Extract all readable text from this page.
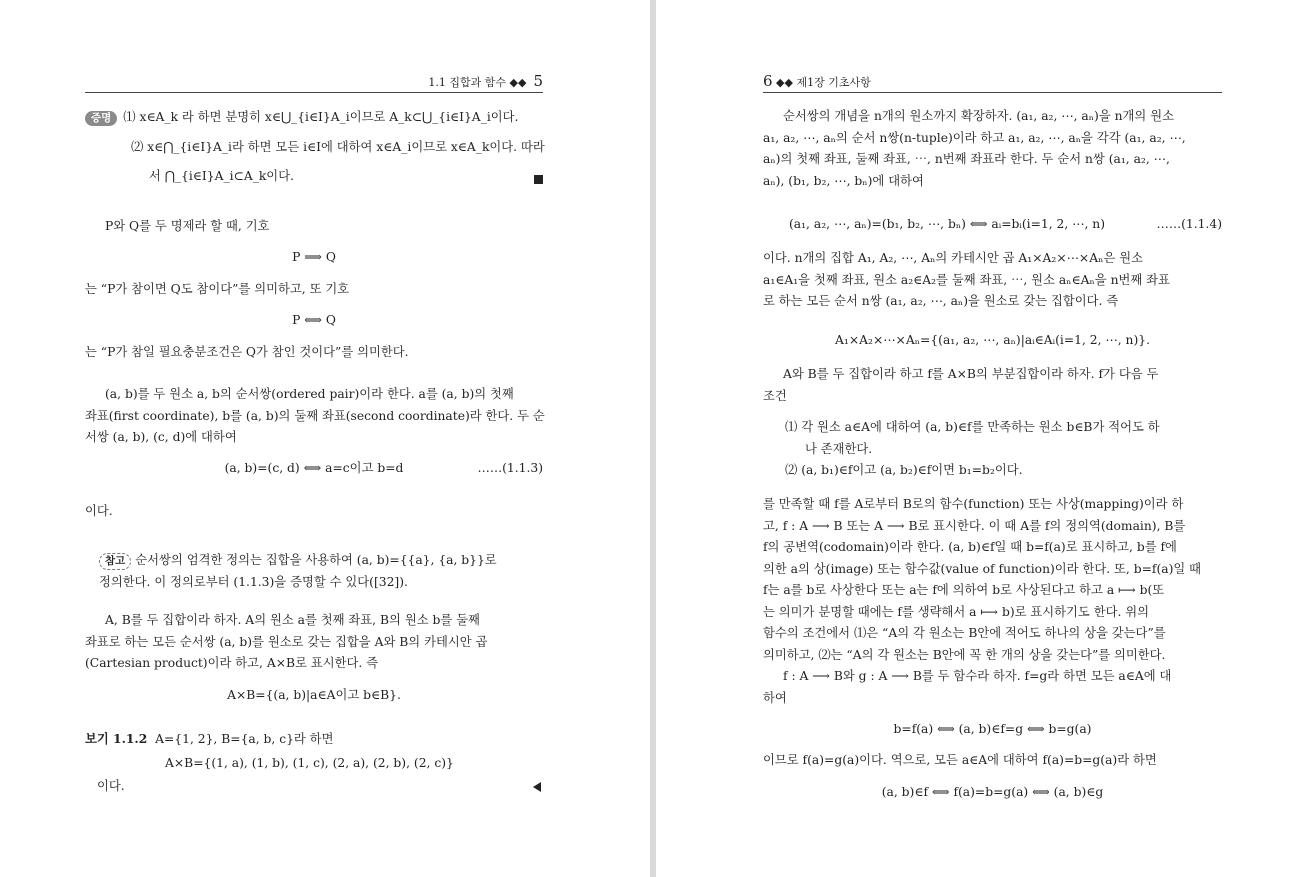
1.1 집합과 함수 ◆◆ 5
증명 ⑴ x∈A_k 라 하면 분명히 x∈⋃_{i∈I}A_i이므로 A_k⊂⋃_{i∈I}A_i이다.
⑵ x∈⋂_{i∈I}A_i라 하면 모든 i∈I에 대하여 x∈A_i이므로 x∈A_k이다. 따라
서 ⋂_{i∈I}A_i⊂A_k이다.
P와 Q를 두 명제라 할 때, 기호
P ⟹ Q
는 “P가 참이면 Q도 참이다”를 의미하고, 또 기호
P ⟺ Q
는 “P가 참일 필요충분조건은 Q가 참인 것이다”를 의미한다.
(a, b)를 두 원소 a, b의 순서쌍(ordered pair)이라 한다. a를 (a, b)의 첫째
좌표(first coordinate), b를 (a, b)의 둘째 좌표(second coordinate)라 한다. 두 순
서쌍 (a, b), (c, d)에 대하여
(a, b)=(c, d) ⟺ a=c이고 b=d	……(1.1.3)
이다.
참고 순서쌍의 엄격한 정의는 집합을 사용하여 (a, b)={{a}, {a, b}}로
정의한다. 이 정의로부터 (1.1.3)을 증명할 수 있다([32]).
A, B를 두 집합이라 하자. A의 원소 a를 첫째 좌표, B의 원소 b를 둘째
좌표로 하는 모든 순서쌍 (a, b)를 원소로 갖는 집합을 A와 B의 카테시안 곱
(Cartesian product)이라 하고, A×B로 표시한다. 즉
A×B={(a, b)|a∈A이고 b∈B}.
보기 1.1.2 A={1, 2}, B={a, b, c}라 하면
A×B={(1, a), (1, b), (1, c), (2, a), (2, b), (2, c)}
이다.
6 ◆◆ 제1장 기초사항
순서쌍의 개념을 n개의 원소까지 확장하자. (a₁, a₂, ⋯, aₙ)을 n개의 원소
a₁, a₂, ⋯, aₙ의 순서 n쌍(n-tuple)이라 하고 a₁, a₂, ⋯, aₙ을 각각 (a₁, a₂, ⋯,
aₙ)의 첫째 좌표, 둘째 좌표, ⋯, n번째 좌표라 한다. 두 순서 n쌍 (a₁, a₂, ⋯,
aₙ), (b₁, b₂, ⋯, bₙ)에 대하여
(a₁, a₂, ⋯, aₙ)=(b₁, b₂, ⋯, bₙ) ⟺ aᵢ=bᵢ(i=1, 2, ⋯, n)	……(1.1.4)
이다. n개의 집합 A₁, A₂, ⋯, Aₙ의 카테시안 곱 A₁×A₂×⋯×Aₙ은 원소
a₁∈A₁을 첫째 좌표, 원소 a₂∈A₂를 둘째 좌표, ⋯, 원소 aₙ∈Aₙ을 n번째 좌표
로 하는 모든 순서 n쌍 (a₁, a₂, ⋯, aₙ)을 원소로 갖는 집합이다. 즉
A₁×A₂×⋯×Aₙ={(a₁, a₂, ⋯, aₙ)|aᵢ∈Aᵢ(i=1, 2, ⋯, n)}.
A와 B를 두 집합이라 하고 f를 A×B의 부분집합이라 하자. f가 다음 두
조건
⑴ 각 원소 a∈A에 대하여 (a, b)∈f를 만족하는 원소 b∈B가 적어도 하
나 존재한다.
⑵ (a, b₁)∈f이고 (a, b₂)∈f이면 b₁=b₂이다.
를 만족할 때 f를 A로부터 B로의 함수(function) 또는 사상(mapping)이라 하
고, f : A ⟶ B 또는 A ⟶ B로 표시한다. 이 때 A를 f의 정의역(domain), B를
f의 공변역(codomain)이라 한다. (a, b)∈f일 때 b=f(a)로 표시하고, b를 f에
의한 a의 상(image) 또는 함수값(value of function)이라 한다. 또, b=f(a)일 때
f는 a를 b로 사상한다 또는 a는 f에 의하여 b로 사상된다고 하고 a ⟼ b(또
는 의미가 분명할 때에는 f를 생략해서 a ⟼ b)로 표시하기도 한다. 위의
함수의 조건에서 ⑴은 “A의 각 원소는 B안에 적어도 하나의 상을 갖는다”를
의미하고, ⑵는 “A의 각 원소는 B안에 꼭 한 개의 상을 갖는다”를 의미한다.
f : A ⟶ B와 g : A ⟶ B를 두 함수라 하자. f=g라 하면 모든 a∈A에 대
하여
b=f(a) ⟺ (a, b)∈f=g ⟺ b=g(a)
이므로 f(a)=g(a)이다. 역으로, 모든 a∈A에 대하여 f(a)=b=g(a)라 하면
(a, b)∈f ⟺ f(a)=b=g(a) ⟺ (a, b)∈g
